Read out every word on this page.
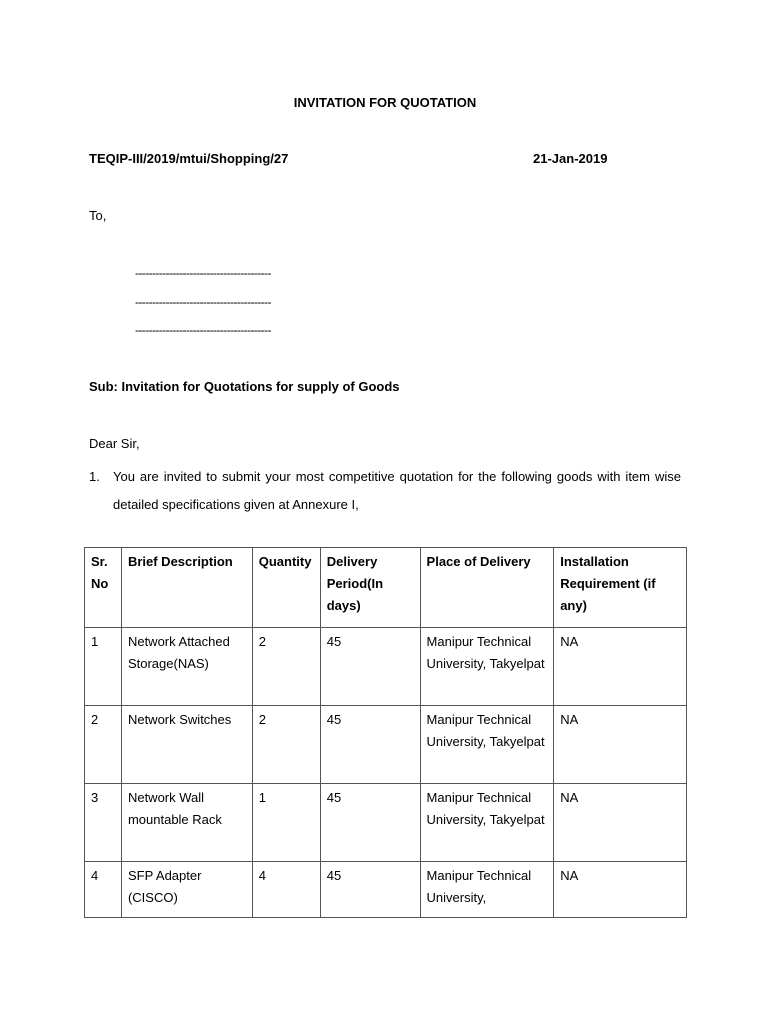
INVITATION FOR QUOTATION
TEQIP-III/2019/mtui/Shopping/27	21-Jan-2019
To,
----------------------------------------
----------------------------------------
----------------------------------------
Sub: Invitation for Quotations for supply of Goods
Dear Sir,
1. You are invited to submit your most competitive quotation for the following goods with item wise detailed specifications given at Annexure I,
Sr. No	Brief Description	Quantity	Delivery Period(In days)	Place of Delivery	Installation Requirement (if any)
1	Network Attached Storage(NAS)	2	45	Manipur Technical University, Takyelpat	NA
2	Network Switches	2	45	Manipur Technical University, Takyelpat	NA
3	Network Wall mountable Rack	1	45	Manipur Technical University, Takyelpat	NA
4	SFP Adapter (CISCO)	4	45	Manipur Technical University,	NA
